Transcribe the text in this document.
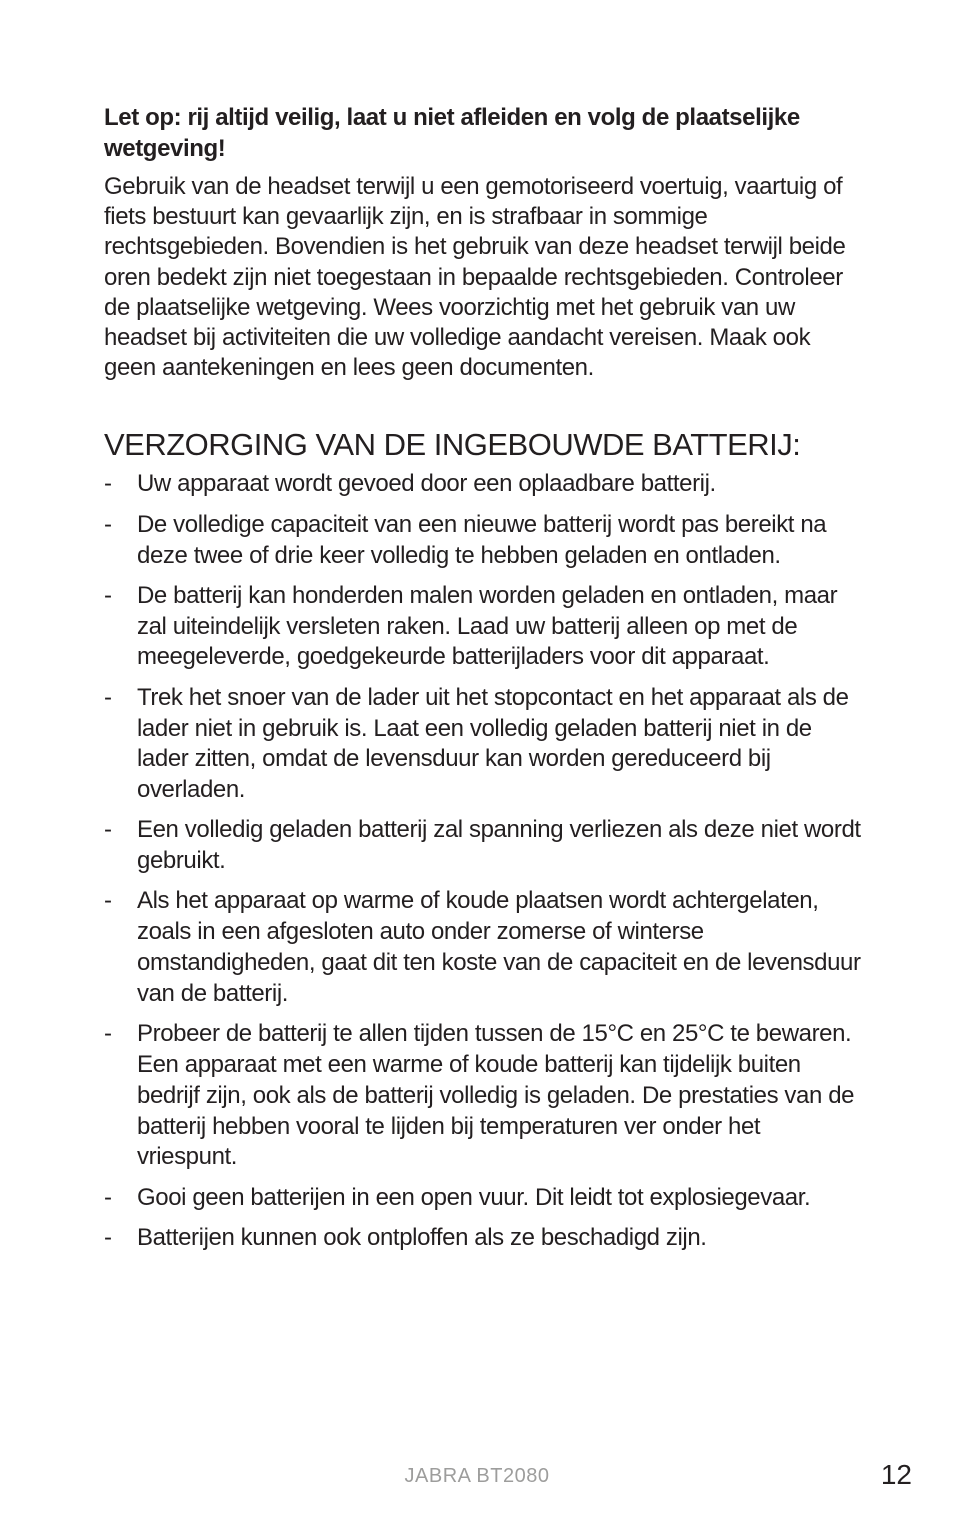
Let op: rij altijd veilig, laat u niet afleiden en volg de plaatselijke wetgeving!

Gebruik van de headset terwijl u een gemotoriseerd voertuig, vaartuig of fiets bestuurt kan gevaarlijk zijn, en is strafbaar in sommige rechtsgebieden. Bovendien is het gebruik van deze headset terwijl beide oren bedekt zijn niet toegestaan in bepaalde rechtsgebieden. Controleer de plaatselijke wetgeving. Wees voorzichtig met het gebruik van uw headset bij activiteiten die uw volledige aandacht vereisen. Maak ook geen aantekeningen en lees geen documenten.

VERZORGING VAN DE INGEBOUWDE BATTERIJ:
- Uw apparaat wordt gevoed door een oplaadbare batterij.
- De volledige capaciteit van een nieuwe batterij wordt pas bereikt na deze twee of drie keer volledig te hebben geladen en ontladen.
- De batterij kan honderden malen worden geladen en ontladen, maar zal uiteindelijk versleten raken. Laad uw batterij alleen op met de meegeleverde, goedgekeurde batterijladers voor dit apparaat.
- Trek het snoer van de lader uit het stopcontact en het apparaat als de lader niet in gebruik is. Laat een volledig geladen batterij niet in de lader zitten, omdat de levensduur kan worden gereduceerd bij overladen.
- Een volledig geladen batterij zal spanning verliezen als deze niet wordt gebruikt.
- Als het apparaat op warme of koude plaatsen wordt achtergelaten, zoals in een afgesloten auto onder zomerse of winterse omstandigheden, gaat dit ten koste van de capaciteit en de levensduur van de batterij.
- Probeer de batterij te allen tijden tussen de 15°C en 25°C te bewaren. Een apparaat met een warme of koude batterij kan tijdelijk buiten bedrijf zijn, ook als de batterij volledig is geladen. De prestaties van de batterij hebben vooral te lijden bij temperaturen ver onder het vriespunt.
- Gooi geen batterijen in een open vuur. Dit leidt tot explosiegevaar.
- Batterijen kunnen ook ontploffen als ze beschadigd zijn.
JABRA BT2080	12
